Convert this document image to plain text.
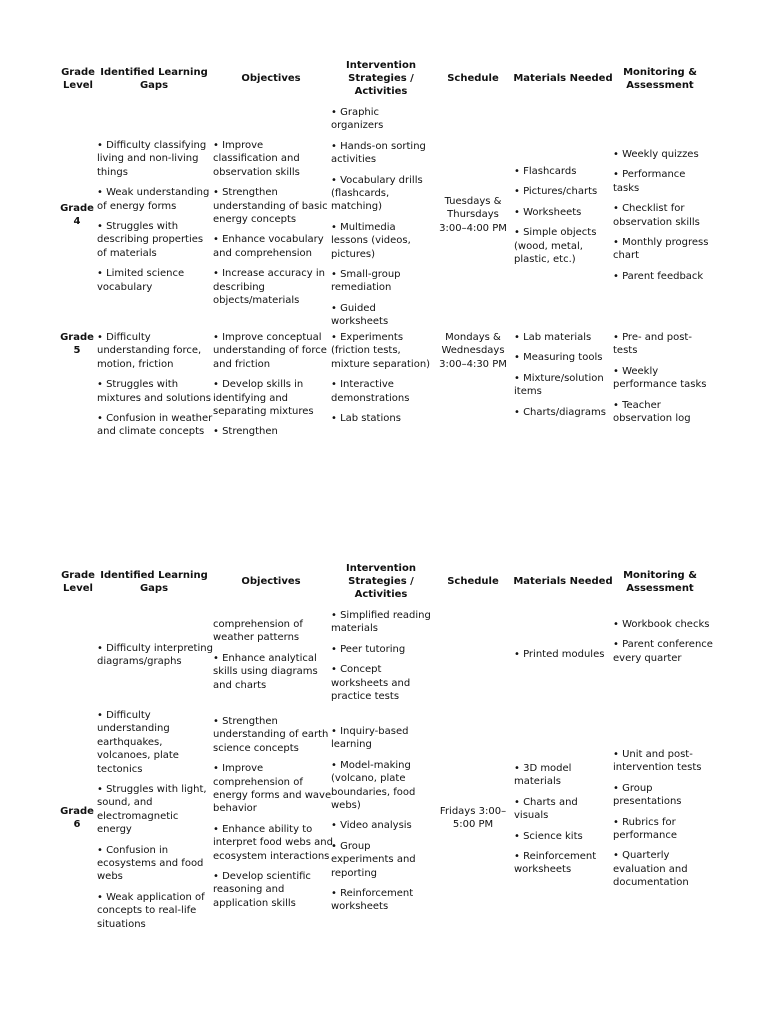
Grade Level
Identified Learning Gaps
Objectives
Intervention Strategies / Activities
Schedule	Materials Needed
Monitoring & Assessment
Grade 4

• Difficulty classifying living and non-living things

• Weak understanding of energy forms

• Struggles with describing properties of materials

• Limited science vocabulary

• Improve classification and observation skills

• Strengthen understanding of basic energy concepts

• Enhance vocabulary and comprehension

• Increase accuracy in describing objects/materials

• Graphic organizers

• Hands-on sorting activities

• Vocabulary drills (flashcards, matching)

• Multimedia lessons (videos, pictures)

• Small-group remediation

• Guided worksheets

Tuesdays & Thursdays 3:00–4:00 PM

• Flashcards

• Pictures/charts

• Worksheets

• Simple objects (wood, metal, plastic, etc.)

• Weekly quizzes

• Performance tasks

• Checklist for observation skills

• Monthly progress chart

• Parent feedback

Grade 5

• Difficulty understanding force, motion, friction

• Struggles with mixtures and solutions

• Confusion in weather and climate concepts

• Improve conceptual understanding of force and friction

• Develop skills in identifying and separating mixtures

• Strengthen

• Experiments (friction tests, mixture separation)

• Interactive demonstrations

• Lab stations

Mondays & Wednesdays 3:00–4:30 PM

• Lab materials

• Measuring tools

• Mixture/solution items

• Charts/diagrams

• Pre- and post-tests

• Weekly performance tasks

• Teacher observation log

Grade Level
Identified Learning Gaps
Objectives
Intervention Strategies / Activities
Schedule	Materials Needed
Monitoring & Assessment

• Difficulty interpreting diagrams/graphs

comprehension of weather patterns

• Enhance analytical skills using diagrams and charts

• Simplified reading materials

• Peer tutoring

• Concept worksheets and practice tests

• Printed modules

• Workbook checks

• Parent conference every quarter

Grade 6

• Difficulty understanding earthquakes, volcanoes, plate tectonics

• Struggles with light, sound, and electromagnetic energy

• Confusion in ecosystems and food webs

• Weak application of concepts to real-life situations

• Strengthen understanding of earth science concepts

• Improve comprehension of energy forms and wave behavior

• Enhance ability to interpret food webs and ecosystem interactions

• Develop scientific reasoning and application skills

• Inquiry-based learning

• Model-making (volcano, plate boundaries, food webs)

• Video analysis

• Group experiments and reporting

• Reinforcement worksheets

Fridays 3:00–5:00 PM

• 3D model materials

• Charts and visuals

• Science kits

• Reinforcement worksheets

• Unit and post-intervention tests

• Group presentations

• Rubrics for performance

• Quarterly evaluation and documentation
